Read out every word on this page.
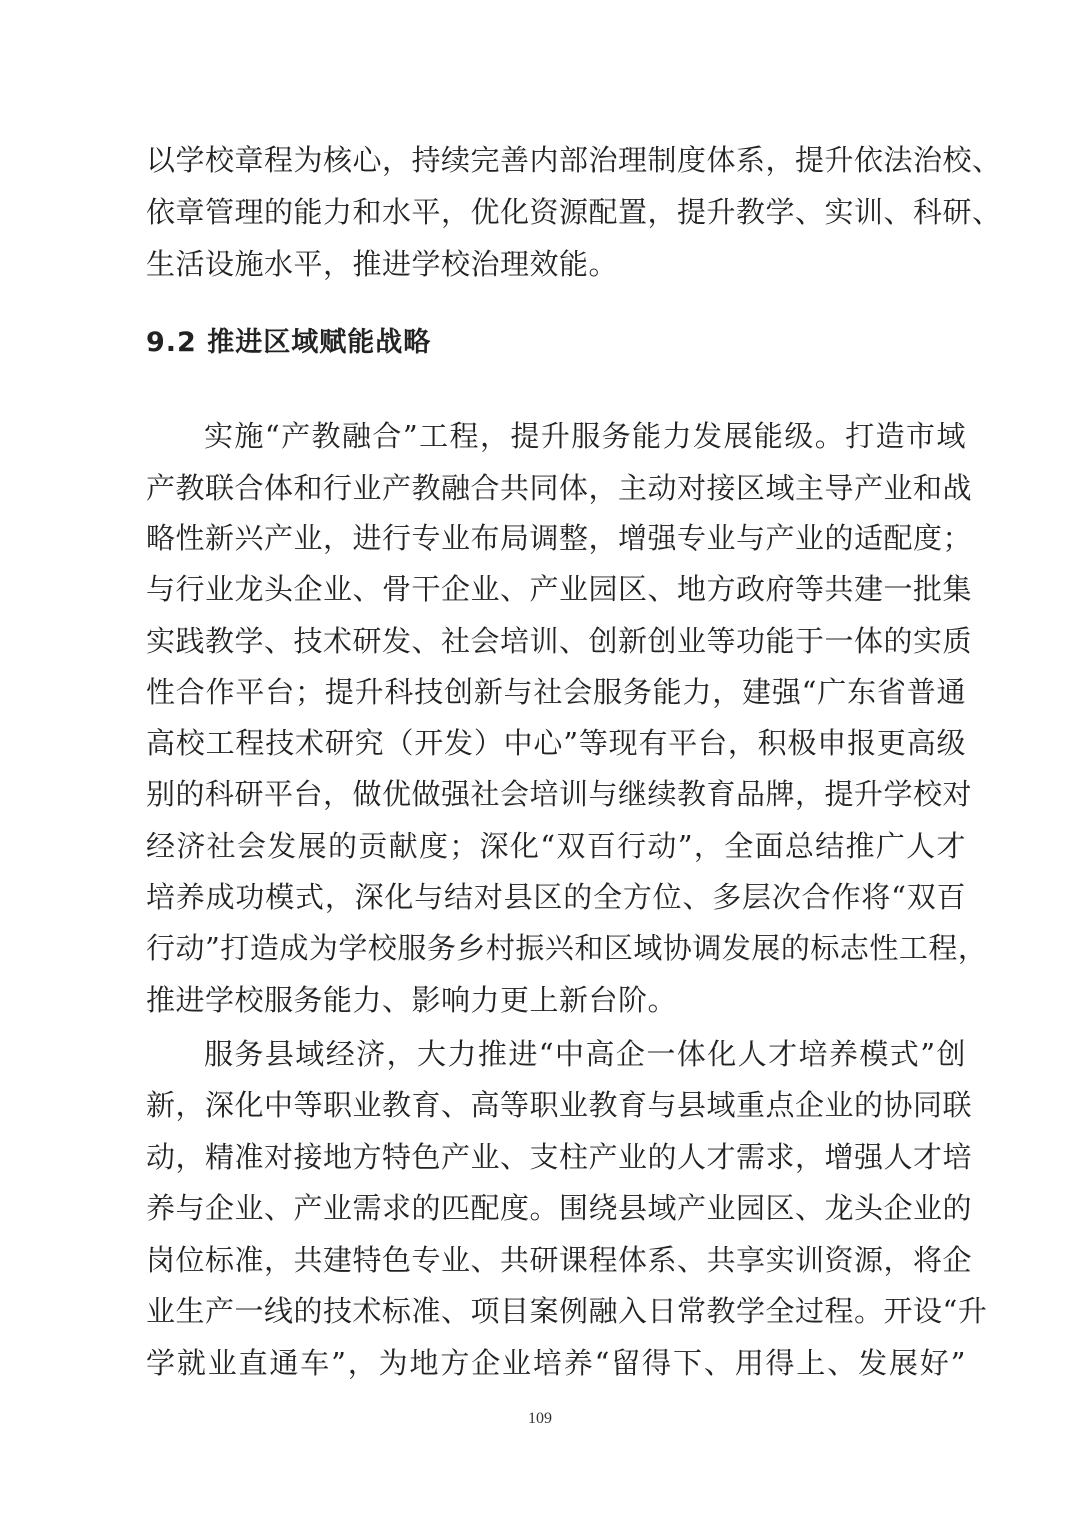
以学校章程为核心，持续完善内部治理制度体系，提升依法治校、
依章管理的能力和水平，优化资源配置，提升教学、实训、科研、
生活设施水平，推进学校治理效能。
9.2 推进区域赋能战略
实施“产教融合”工程，提升服务能力发展能级。打造市域
产教联合体和行业产教融合共同体，主动对接区域主导产业和战
略性新兴产业，进行专业布局调整，增强专业与产业的适配度；
与行业龙头企业、骨干企业、产业园区、地方政府等共建一批集
实践教学、技术研发、社会培训、创新创业等功能于一体的实质
性合作平台；提升科技创新与社会服务能力，建强“广东省普通
高校工程技术研究（开发）中心”等现有平台，积极申报更高级
别的科研平台，做优做强社会培训与继续教育品牌，提升学校对
经济社会发展的贡献度；深化“双百行动”，全面总结推广人才
培养成功模式，深化与结对县区的全方位、多层次合作将“双百
行动”打造成为学校服务乡村振兴和区域协调发展的标志性工程，
推进学校服务能力、影响力更上新台阶。
服务县域经济，大力推进“中高企一体化人才培养模式”创
新，深化中等职业教育、高等职业教育与县域重点企业的协同联
动，精准对接地方特色产业、支柱产业的人才需求，增强人才培
养与企业、产业需求的匹配度。围绕县域产业园区、龙头企业的
岗位标准，共建特色专业、共研课程体系、共享实训资源，将企
业生产一线的技术标准、项目案例融入日常教学全过程。开设“升
学就业直通车”，为地方企业培养“留得下、用得上、发展好”
109
